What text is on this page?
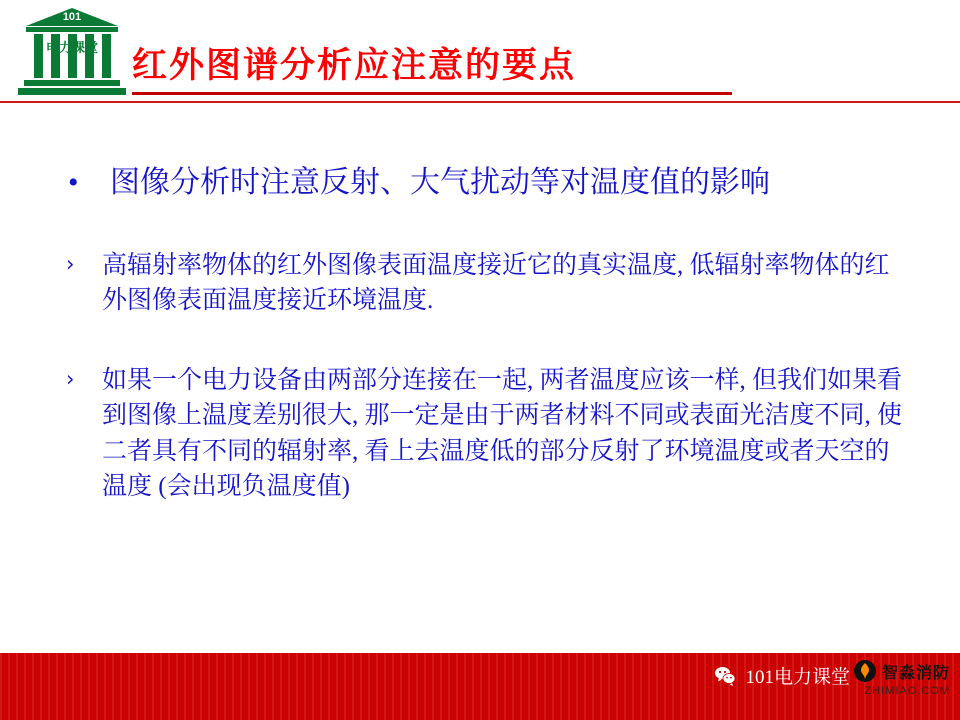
101
电力课堂 红外图谱分析应注意的要点
• 图像分析时注意反射、大气扰动等对温度值的影响
› 高辐射率物体的红外图像表面温度接近它的真实温度, 低辐射率物体的红外图像表面温度接近环境温度.
› 如果一个电力设备由两部分连接在一起, 两者温度应该一样, 但我们如果看到图像上温度差别很大, 那一定是由于两者材料不同或表面光洁度不同, 使二者具有不同的辐射率, 看上去温度低的部分反射了环境温度或者天空的温度 (会出现负温度值)
101电力课堂 智淼消防
ZHIMIAO.COM
